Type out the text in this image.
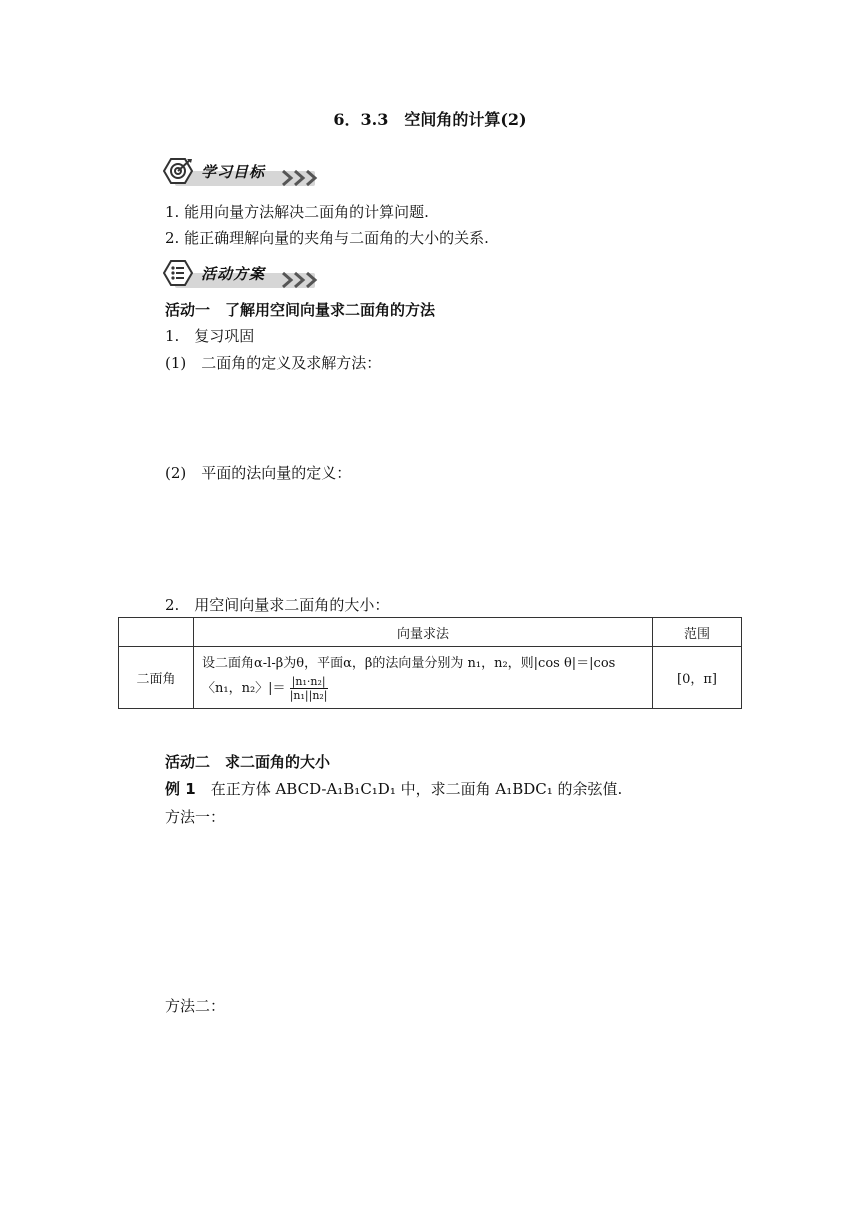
6．3.3　空间角的计算(2)
学习目标
1. 能用向量方法解决二面角的计算问题.
2. 能正确理解向量的夹角与二面角的大小的关系.
活动方案
活动一　了解用空间向量求二面角的方法
1.　复习巩固
(1)　二面角的定义及求解方法：
(2)　平面的法向量的定义：
2.　用空间向量求二面角的大小：
	向量求法	范围
二面角	设二面角α-l-β为θ，平面α，β的法向量分别为 n₁，n₂，则|cos θ|＝|cos
〈n₁，n₂〉|＝ $\frac{\text{|n₁·n₂|}}{\text{|n₁||n₂|}}$	[0，π]
活动二　求二面角的大小
例 1　 在正方体 ABCD-A₁B₁C₁D₁ 中，求二面角 A₁BDC₁ 的余弦值.
方法一：
方法二：
